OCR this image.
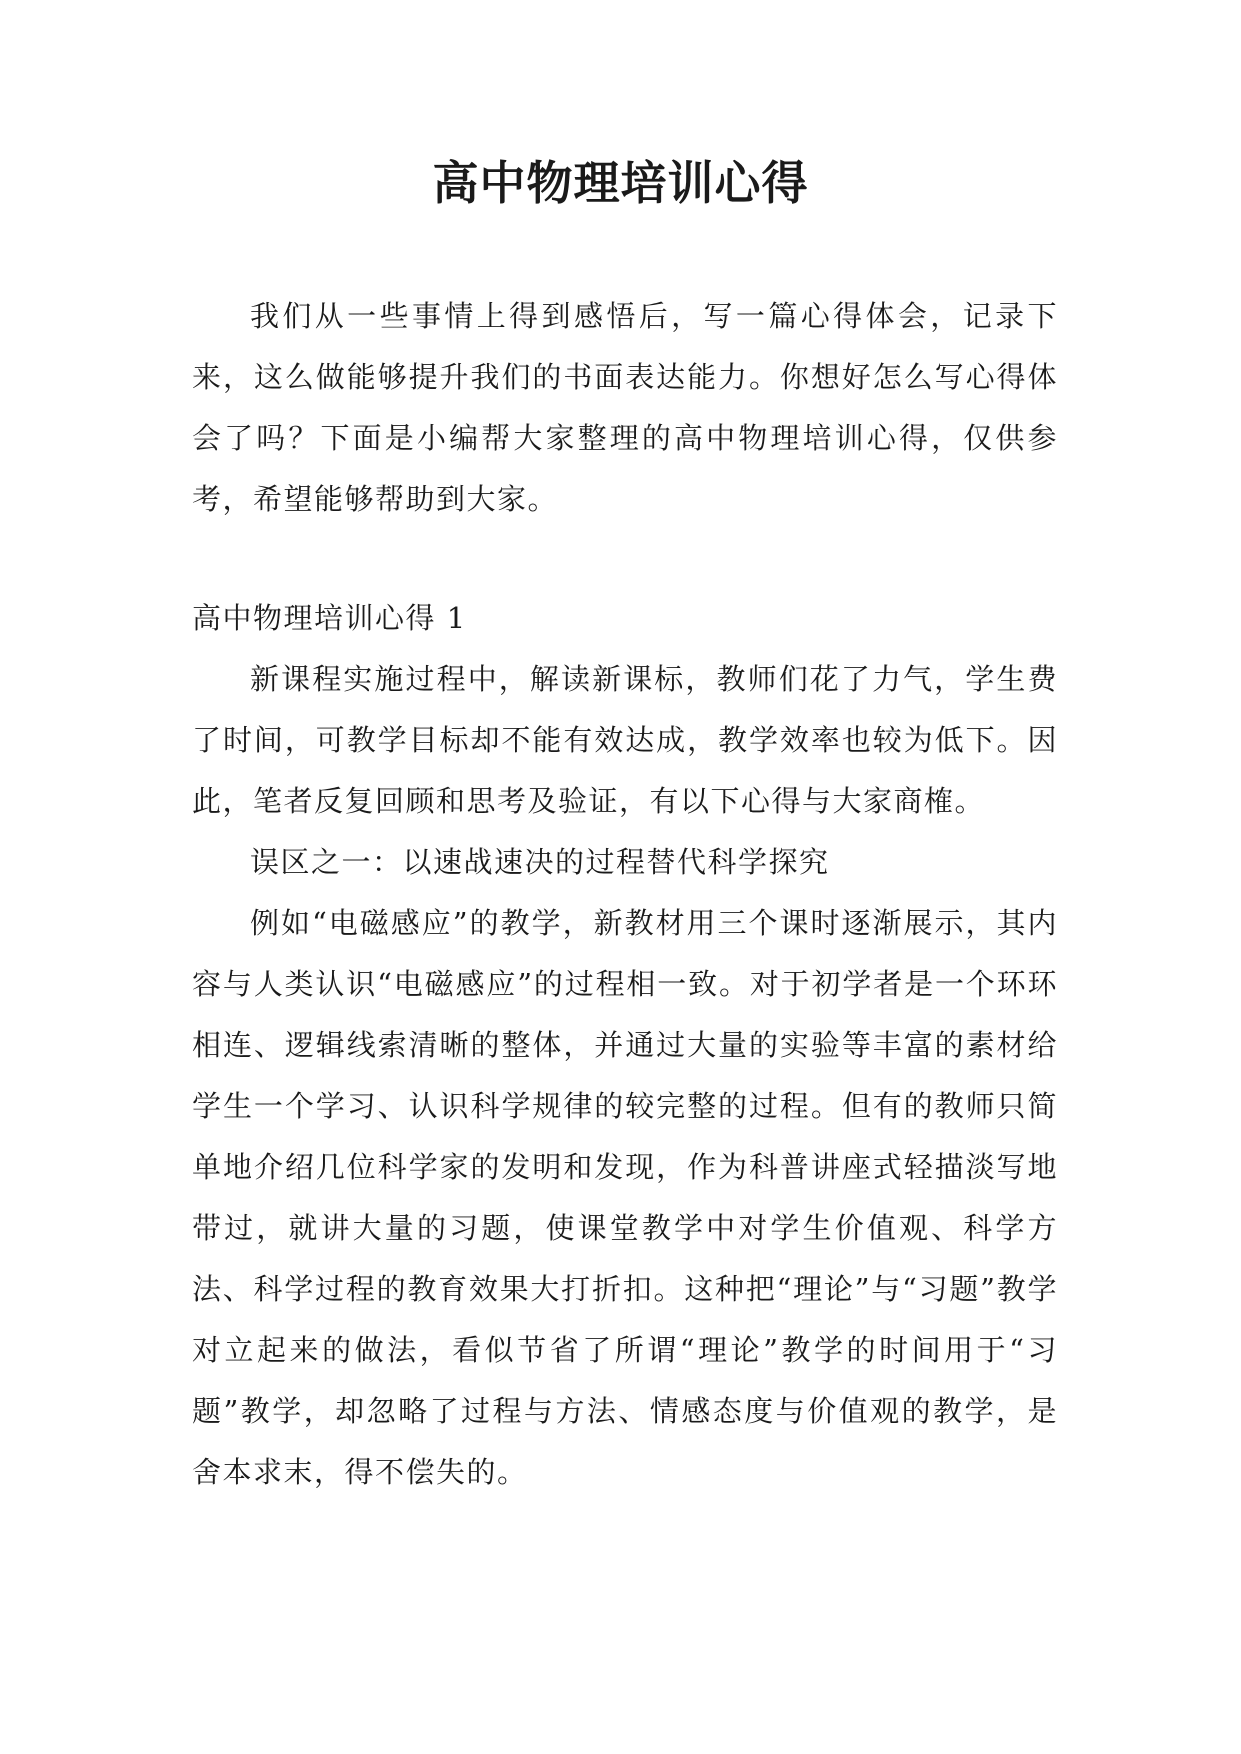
高中物理培训心得

我们从一些事情上得到感悟后，写一篇心得体会，记录下来，这么做能够提升我们的书面表达能力。你想好怎么写心得体会了吗？下面是小编帮大家整理的高中物理培训心得，仅供参考，希望能够帮助到大家。

高中物理培训心得 1

新课程实施过程中，解读新课标，教师们花了力气，学生费了时间，可教学目标却不能有效达成，教学效率也较为低下。因此，笔者反复回顾和思考及验证，有以下心得与大家商榷。

误区之一：以速战速决的过程替代科学探究

例如“电磁感应”的教学，新教材用三个课时逐渐展示，其内容与人类认识“电磁感应”的过程相一致。对于初学者是一个环环相连、逻辑线索清晰的整体，并通过大量的实验等丰富的素材给学生一个学习、认识科学规律的较完整的过程。但有的教师只简单地介绍几位科学家的发明和发现，作为科普讲座式轻描淡写地带过，就讲大量的习题，使课堂教学中对学生价值观、科学方法、科学过程的教育效果大打折扣。这种把“理论”与“习题”教学对立起来的做法，看似节省了所谓“理论”教学的时间用于“习题”教学，却忽略了过程与方法、情感态度与价值观的教学，是舍本求末，得不偿失的。
